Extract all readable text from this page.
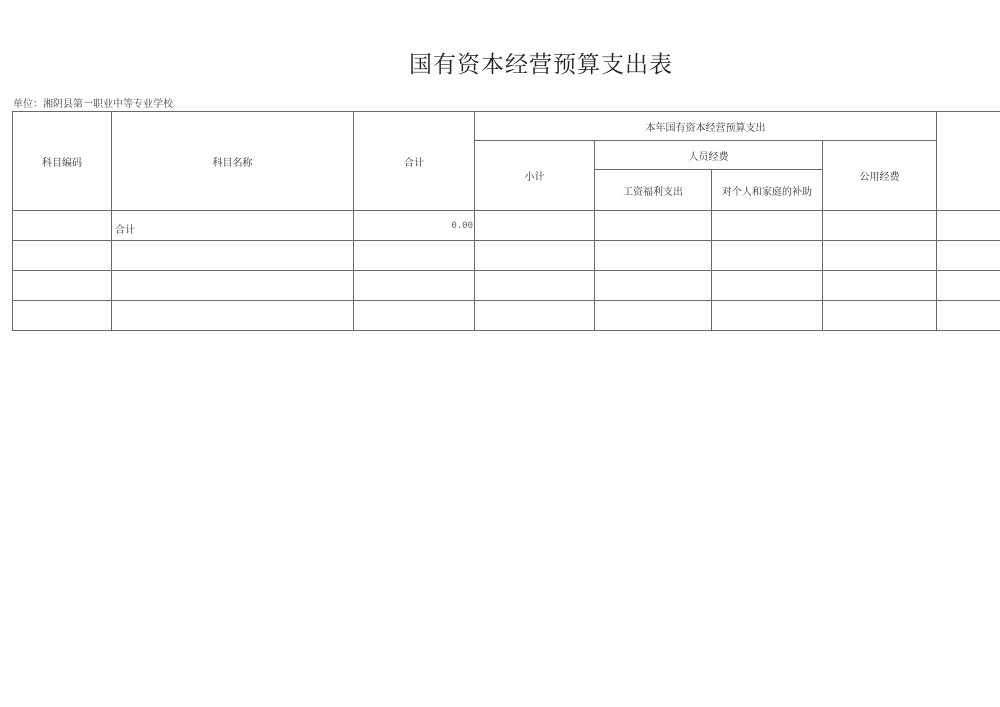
国有资本经营预算支出表
单位：湘阴县第一职业中等专业学校
科目编码	科目名称	合计	本年国有资本经营预算支出				
			小计	人员经费		公用经费	
				工资福利支出	对个人和家庭的补助		
	合计	0.00					
